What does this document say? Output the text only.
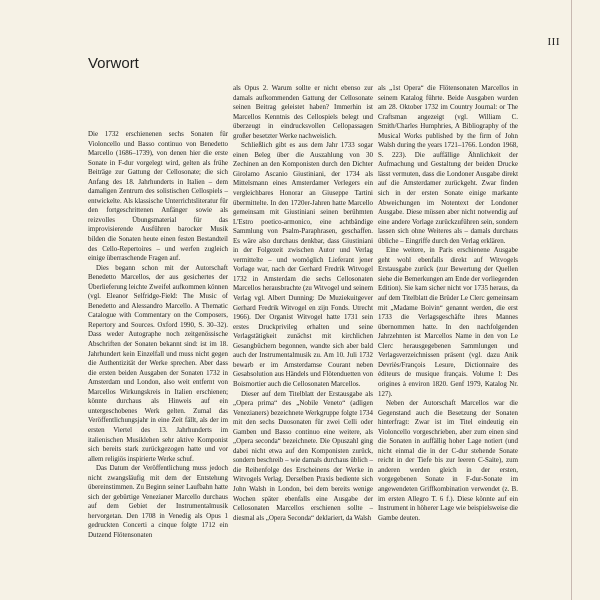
III
Vorwort

Die 1732 erschienenen sechs Sonaten für Violoncello und Basso continuo von Benedetto Marcello (1686–1739), von denen hier die erste Sonate in F-dur vorgelegt wird, gelten als frühe Beiträge zur Gattung der Cellosonate; die sich Anfang des 18. Jahrhunderts in Italien – dem damaligen Zentrum des solistischen Cellospiels – entwickelte. Als klassische Unterrichtsliteratur für den fortgeschrittenen Anfänger sowie als reizvolles Übungsmaterial für das improvisierende Ausführen barocker Musik bilden die Sonaten heute einen festen Bestandteil des Cello-Repertoires – und werfen zugleich einige überraschende Fragen auf.

Dies begann schon mit der Autorschaft Benedetto Marcellos, der aus gesichertes der Überlieferung leichte Zweifel aufkommen können (vgl. Eleanor Selfridge-Field: The Music of Benedetto and Alessandro Marcello. A Thematic Catalogue with Commentary on the Composers, Repertory and Sources. Oxford 1990, S. 30–32). Dass weder Autographe noch zeitgenössische Abschriften der Sonaten bekannt sind: ist im 18. Jahrhundert kein Einzelfall und muss nicht gegen die Authentizität der Werke sprechen. Aber dass die ersten beiden Ausgaben der Sonaten 1732 in Amsterdam und London, also weit entfernt von Marcellos Wirkungskreis in Italien erschienen; könnte durchaus als Hinweis auf ein untergeschobenes Werk gelten. Zumal das Veröffentlichungsjahr in eine Zeit fällt, als der im ersten Viertel des 13. Jahrhunderts im italienischen Musiklehen sehr aktive Komponist sich bereits stark zurückgezogen hatte und vor allem religiös inspirierte Werke schuf.

Das Datum der Veröffentlichung muss jedoch nicht zwangsläufig mit dem der Entstehung übereinstimmen. Zu Beginn seiner Laufbahn hatte sich der gebürtige Venezianer Marcello durchaus auf dem Gebiet der Instrumentalmusik hervorgetan. Den 1708 in Venedig als Opus 1 gedruckten Concerti a cinque folgte 1712 ein Dutzend Flötensonaten

als Opus 2. Warum sollte er nicht ebenso zur damals aufkommenden Gattung der Cellosonate seinen Beitrag geleistet haben? Immerhin ist Marcellos Kenntnis des Cellospiels belegt und überzeugt in eindrucksvollen Cellopassagen großer besetzter Werke nachweislich.

Schließlich gibt es aus dem Jahr 1733 sogar einen Beleg über die Auszahlung von 30 Zechinen an den Komponisten durch den Dichter Girolamo Ascanio Giustiniani, der 1734 als Mittelsmann eines Amsterdamer Verlegers ein vergleichbares Honorar an Giuseppe Tartini übermittelte. In den 1720er-Jahren hatte Marcello gemeinsam mit Giustiniani seinen berühmten L'Estro poetico-armonico, eine achtbändige Sammlung von Psalm-Paraphrasen, geschaffen. Es wäre also durchaus denkbar, dass Giustiniani in der Folgezeit zwischen Autor und Verlag vermittelte – und womöglich Lieferant jener Vorlage war, nach der Gerhard Fredrik Witvogel 1732 in Amsterdam die sechs Cellosonaten Marcellos herausbrachte (zu Witvogel und seinem Verlag vgl. Albert Dunning: De Muziekuitgever Gerhard Fredrik Witvogel en zijn Fonds. Utrecht 1966). Der Organist Witvogel hatte 1731 sein erstes Druckprivileg erhalten und seine Verlagstätigkeit zunächst mit kirchlichen Gesangbüchern begonnen, wandte sich aber bald auch der Instrumentalmusik zu. Am 10. Juli 1732 bewarb er im Amsterdamse Courant neben Gesabsolution aus Händels und Flötenduetten von Boismortier auch die Cellosonaten Marcellos.

Dieser auf dem Titelblatt der Erstausgabe als „Opera prima“ des „Nobile Veneto“ (adligen Venezianers) bezeichnete Werkgruppe folgte 1734 mit den sechs Duosonaten für zwei Celli oder Gamben und Basso continuo eine weitere, als „Opera seconda“ bezeichnete. Die Opuszahl ging dabei nicht etwa auf den Komponisten zurück, sondern beschreib – wie damals durchaus üblich – die Reihenfolge des Erscheinens der Werke in Witvogels Verlag. Derselben Praxis bediente sich John Walsh in London, bei dem bereits wenige Wochen später ebenfalls eine Ausgabe der Cellosonaten Marcellos erschienen sollte – diesmal als „Opera Seconda“ deklariert, da Walsh

als „1st Opera“ die Flötensonaten Marcellos in seinem Katalog führte. Beide Ausgaben wurden am 28. Oktober 1732 im Country Journal: or The Craftsman angezeigt (vgl. William C. Smith/Charles Humphries, A Bibliography of the Musical Works published by the firm of John Walsh during the years 1721–1766. London 1968, S. 223). Die auffällige Ähnlichkeit der Aufmachung und Gestaltung der beiden Drucke lässt vermuten, dass die Londoner Ausgabe direkt auf die Amsterdamer zurückgeht. Zwar finden sich in der ersten Sonate einige markante Abweichungen im Notentext der Londoner Ausgabe. Diese müssen aber nicht notwendig auf eine andere Vorlage zurückzuführen sein, sondern lassen sich ohne Weiteres als – damals durchaus übliche – Eingriffe durch den Verlag erklären.

Eine weitere, in Paris erschienene Ausgabe geht wohl ebenfalls direkt auf Witvogels Erstausgabe zurück (zur Bewertung der Quellen siehe die Bemerkungen am Ende der vorliegenden Edition). Sie kam sicher nicht vor 1735 heraus, da auf dem Titelblatt die Brüder Le Clerc gemeinsam mit „Madame Boivin“ genannt werden, die erst 1733 die Verlagsgeschäfte ihres Mannes übernommen hatte. In den nachfolgenden Jahrzehnten ist Marcellos Name in den von Le Clerc herausgegebenen Sammlungen und Verlagsverzeichnissen präsent (vgl. dazu Anik Devriès/François Lesure, Dictionnaire des éditeurs de musique français. Volume I: Des origines à environ 1820. Genf 1979, Katalog Nr. 127).

Neben der Autorschaft Marcellos war die Gegenstand auch die Besetzung der Sonaten hinterfragt: Zwar ist im Titel eindeutig ein Violoncello vorgeschrieben, aber zum einen sind die Sonaten in auffällig hoher Lage notiert (und nicht einmal die in der C-dur stehende Sonate reicht in der Tiefe bis zur leeren C-Saite), zum anderen werden gleich in der ersten, vorgegebenen Sonate in F-dur-Sonate im angewendeten Griffkombination verwendet (z. B. im ersten Allegro T. 6 f.). Diese könnte auf ein Instrument in höherer Lage wie beispielsweise die Gambe deuten.
